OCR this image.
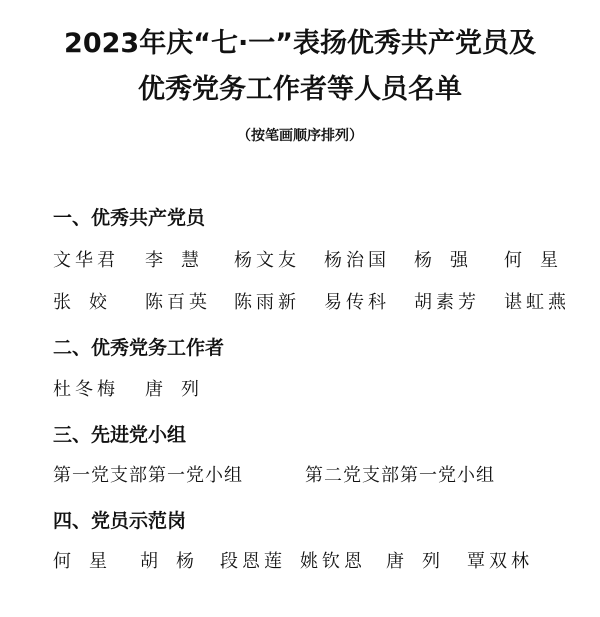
2023年庆“七·一”表扬优秀共产党员及
优秀党务工作者等人员名单
（按笔画顺序排列）
一、优秀共产党员
文华君 李慧 杨文友 杨治国 杨强 何星
张姣 陈百英 陈雨新 易传科 胡素芳 谌虹燕
二、优秀党务工作者
杜冬梅 唐列
三、先进党小组
第一党支部第一党小组	第二党支部第一党小组
四、党员示范岗
何星 胡杨 段恩莲 姚钦恩 唐列 覃双林
